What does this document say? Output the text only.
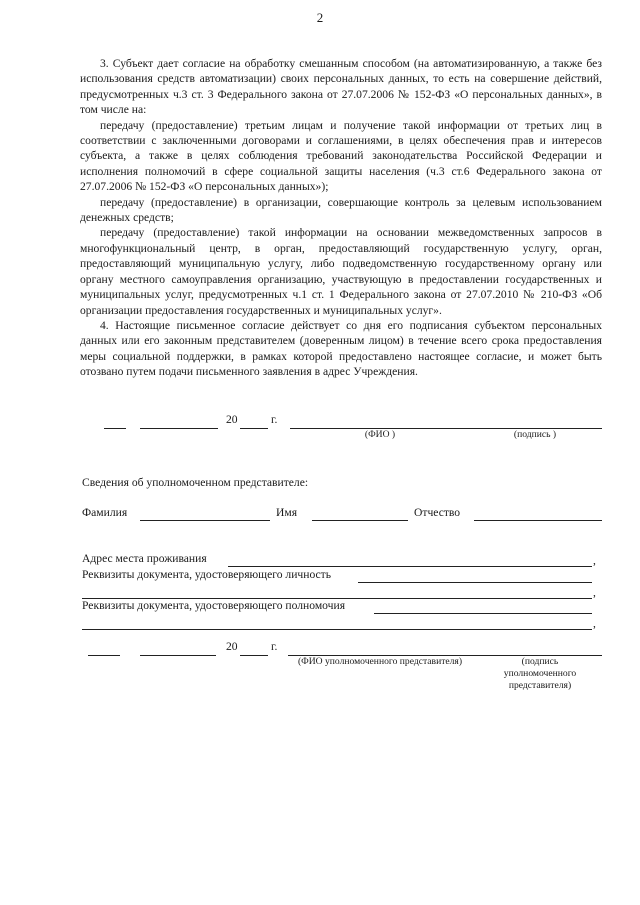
2

3. Субъект дает согласие на обработку смешанным способом (на автоматизированную, а также без использования средств автоматизации) своих персональных данных, то есть на совершение действий, предусмотренных ч.3 ст. 3 Федерального закона от 27.07.2006 № 152-ФЗ «О персональных данных», в том числе на:

передачу (предоставление) третьим лицам и получение такой информации от третьих лиц в соответствии с заключенными договорами и соглашениями, в целях обеспечения прав и интересов субъекта, а также в целях соблюдения требований законодательства Российской Федерации и исполнения полномочий в сфере социальной защиты населения (ч.3 ст.6 Федерального закона от 27.07.2006 № 152-ФЗ «О персональных данных»);

передачу (предоставление) в организации, совершающие контроль за целевым использованием денежных средств;

передачу (предоставление) такой информации на основании межведомственных запросов в многофункциональный центр, в орган, предоставляющий государственную услугу, орган, предоставляющий муниципальную услугу, либо подведомственную государственному органу или органу местного самоуправления организацию, участвующую в предоставлении государственных и муниципальных услуг, предусмотренных ч.1 ст. 1 Федерального закона от 27.07.2010 № 210-ФЗ «Об организации предоставления государственных и муниципальных услуг».

4. Настоящие письменное согласие действует со дня его подписания субъектом персональных данных или его законным представителем (доверенным лицом) в течение всего срока предоставления меры социальной поддержки, в рамках которой предоставлено настоящее согласие, и может быть отозвано путем подачи письменного заявления в адрес Учреждения.

20	г.
(ФИО )	(подпись )
Сведения об уполномоченном представителе:
Фамилия	Имя	Отчество
Адрес места проживания	,
Реквизиты документа, удостоверяющего личность
,
Реквизиты документа, удостоверяющего полномочия
,
20	г.
(ФИО уполномоченного представителя)	(подпись уполномоченного представителя)
